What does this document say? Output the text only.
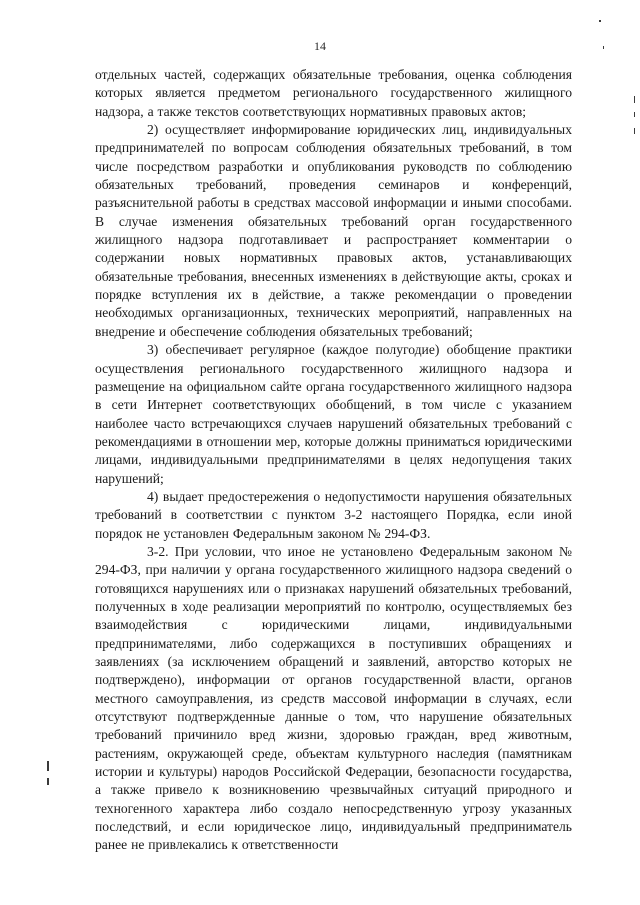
14

отдельных частей, содержащих обязательные требования, оценка соблюдения которых является предметом регионального государственного жилищного надзора, а также текстов соответствующих нормативных правовых актов;

2) осуществляет информирование юридических лиц, индивидуальных предпринимателей по вопросам соблюдения обязательных требований, в том числе посредством разработки и опубликования руководств по соблюдению обязательных требований, проведения семинаров и конференций, разъяснительной работы в средствах массовой информации и иными способами. В случае изменения обязательных требований орган государственного жилищного надзора подготавливает и распространяет комментарии о содержании новых нормативных правовых актов, устанавливающих обязательные требования, внесенных изменениях в действующие акты, сроках и порядке вступления их в действие, а также рекомендации о проведении необходимых организационных, технических мероприятий, направленных на внедрение и обеспечение соблюдения обязательных требований;

3) обеспечивает регулярное (каждое полугодие) обобщение практики осуществления регионального государственного жилищного надзора и размещение на официальном сайте органа государственного жилищного надзора в сети Интернет соответствующих обобщений, в том числе с указанием наиболее часто встречающихся случаев нарушений обязательных требований с рекомендациями в отношении мер, которые должны приниматься юридическими лицами, индивидуальными предпринимателями в целях недопущения таких нарушений;

4) выдает предостережения о недопустимости нарушения обязательных требований в соответствии с пунктом 3-2 настоящего Порядка, если иной порядок не установлен Федеральным законом № 294-ФЗ.

3-2. При условии, что иное не установлено Федеральным законом № 294-ФЗ, при наличии у органа государственного жилищного надзора сведений о готовящихся нарушениях или о признаках нарушений обязательных требований, полученных в ходе реализации мероприятий по контролю, осуществляемых без взаимодействия с юридическими лицами, индивидуальными предпринимателями, либо содержащихся в поступивших обращениях и заявлениях (за исключением обращений и заявлений, авторство которых не подтверждено), информации от органов государственной власти, органов местного самоуправления, из средств массовой информации в случаях, если отсутствуют подтвержденные данные о том, что нарушение обязательных требований причинило вред жизни, здоровью граждан, вред животным, растениям, окружающей среде, объектам культурного наследия (памятникам истории и культуры) народов Российской Федерации, безопасности государства, а также привело к возникновению чрезвычайных ситуаций природного и техногенного характера либо создало непосредственную угрозу указанных последствий, и если юридическое лицо, индивидуальный предприниматель ранее не привлекались к ответственности
